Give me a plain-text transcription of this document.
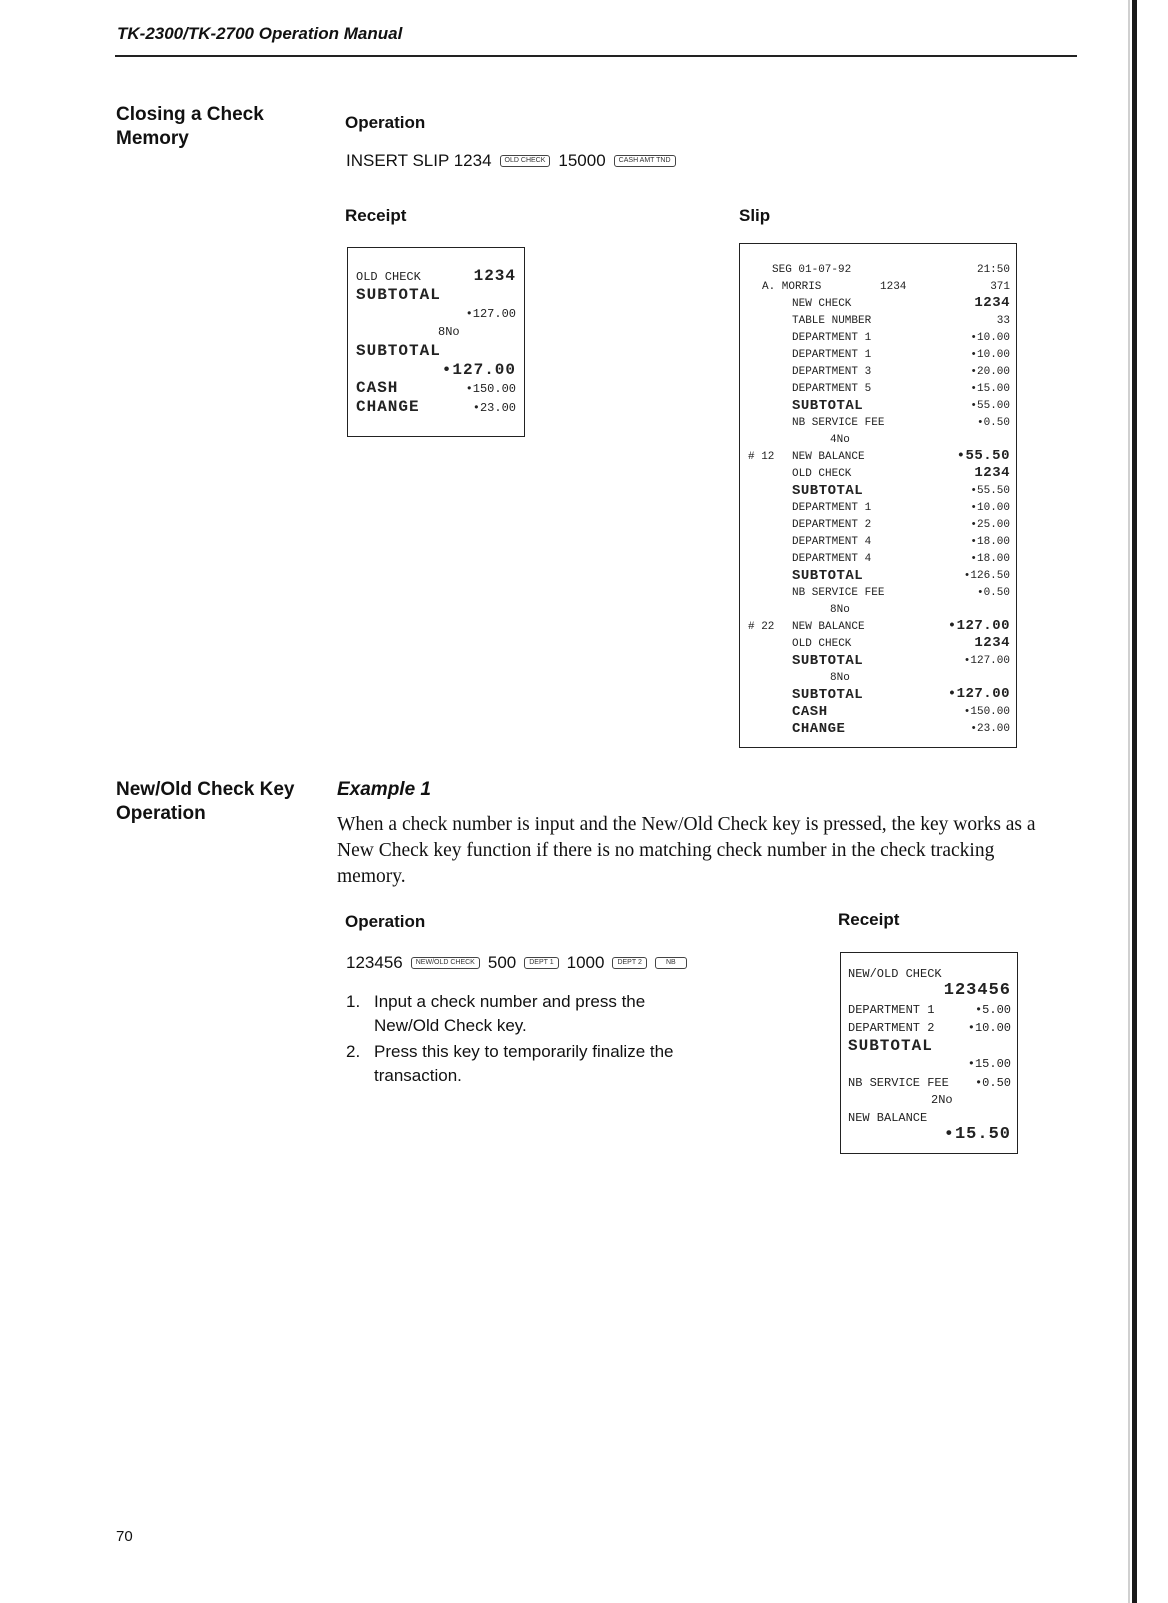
TK-2300/TK-2700 Operation Manual
Closing a Check
Memory
Operation
INSERT SLIP 1234	OLD CHECK 15000	CASH AMT TND
Receipt	Slip
OLD CHECK	1234
SUBTOTAL
•127.00
8No
SUBTOTAL
•127.00
CASH	•150.00
CHANGE	•23.00
SEG 01-07-92	21:50
A. MORRIS	1234	371
NEW CHECK	1234
TABLE NUMBER	33
DEPARTMENT 1	•10.00
DEPARTMENT 1	•10.00
DEPARTMENT 3	•20.00
DEPARTMENT 5	•15.00
SUBTOTAL	•55.00
NB SERVICE FEE	•0.50
4No
# 12 NEW BALANCE	•55.50
OLD CHECK	1234
SUBTOTAL	•55.50
DEPARTMENT 1	•10.00
DEPARTMENT 2	•25.00
DEPARTMENT 4	•18.00
DEPARTMENT 4	•18.00
SUBTOTAL	•126.50
NB SERVICE FEE	•0.50
8No
# 22 NEW BALANCE	•127.00
OLD CHECK	1234
SUBTOTAL	•127.00
8No
SUBTOTAL	•127.00
CASH	•150.00
CHANGE	•23.00
New/Old Check Key
Operation
Example 1
When a check number is input and the New/Old Check key is pressed, the key works as a New Check key function if there is no matching check number in the check tracking memory.
Operation	Receipt
123456	NEW/OLD CHECK 500	DEPT 1 1000	DEPT 2	NB
1. Input a check number and press the New/Old Check key.
2. Press this key to temporarily finalize the transaction.
NEW/OLD CHECK
123456
DEPARTMENT 1	•5.00
DEPARTMENT 2	•10.00
SUBTOTAL
•15.00
NB SERVICE FEE •0.50
2No
NEW BALANCE
•15.50
70
